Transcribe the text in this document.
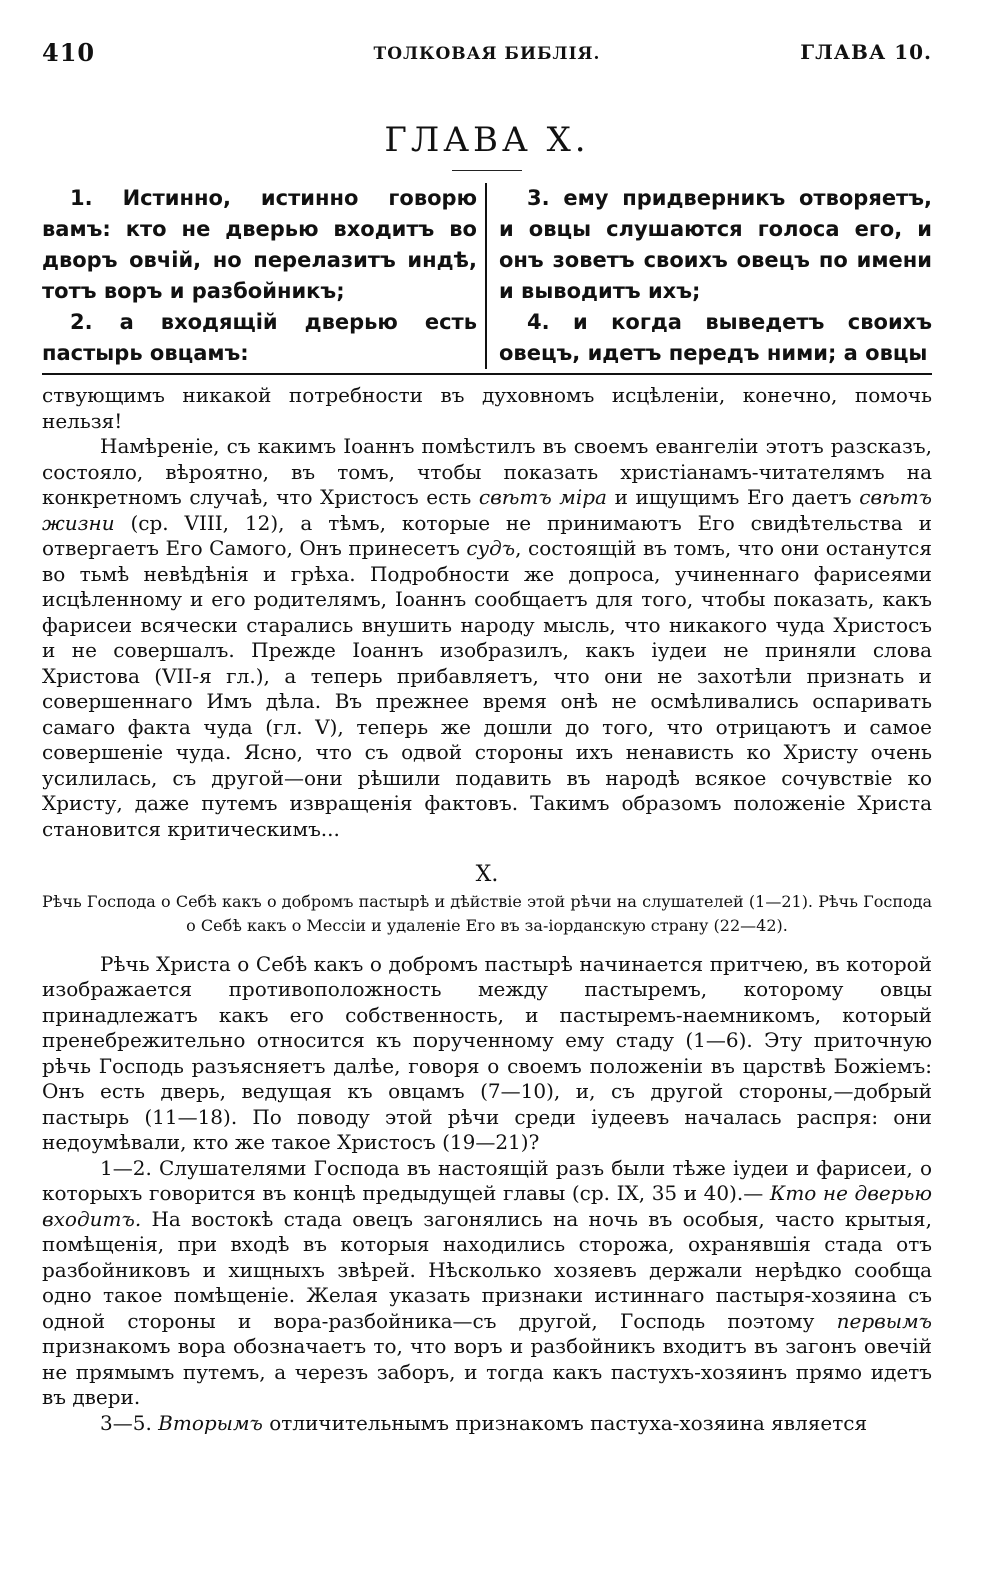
410	ТОЛКОВАЯ БИБЛІЯ.	ГЛАВА 10.
ГЛАВА X.

1. Истинно, истинно говорю вамъ: кто не дверью входитъ во дворъ овчій, но перелазитъ индѣ, тотъ воръ и разбойникъ;

2. а входящій дверью есть пастырь овцамъ:

3. ему придверникъ отворяетъ, и овцы слушаются голоса его, и онъ зоветъ своихъ овецъ по имени и выводитъ ихъ;

4. и когда выведетъ своихъ овецъ, идетъ передъ ними; а овцы

ствующимъ никакой потребности въ духовномъ исцѣленіи, конечно, помочь нельзя!

Намѣреніе, съ какимъ Іоаннъ помѣстилъ въ своемъ евангеліи этотъ разсказъ, состояло, вѣроятно, въ томъ, чтобы показать христіанамъ-читателямъ на конкретномъ случаѣ, что Христосъ есть свѣтъ міра и ищущимъ Его даетъ свѣтъ жизни (ср. VIII, 12), а тѣмъ, которые не принимаютъ Его свидѣтельства и отвергаетъ Его Самого, Онъ принесетъ судъ, состоящій въ томъ, что они останутся во тьмѣ невѣдѣнія и грѣха. Подробности же допроса, учиненнаго фарисеями исцѣленному и его родителямъ, Іоаннъ сообщаетъ для того, чтобы показать, какъ фарисеи всячески старались внушить народу мысль, что никакого чуда Христосъ и не совершалъ. Прежде Іоаннъ изобразилъ, какъ іудеи не приняли слова Христова (VII-я гл.), а теперь прибавляетъ, что они не захотѣли признать и совершеннаго Имъ дѣла. Въ прежнее время онѣ не осмѣливались оспаривать самаго факта чуда (гл. V), теперь же дошли до того, что отрицаютъ и самое совершеніе чуда. Ясно, что съ одвой стороны ихъ ненависть ко Христу очень усилилась, съ другой—они рѣшили подавить въ народѣ всякое сочувствіе ко Христу, даже путемъ извращенія фактовъ. Такимъ образомъ положеніе Христа становится критическимъ...

X.
Рѣчь Господа о Себѣ какъ о добромъ пастырѣ и дѣйствіе этой рѣчи на слушателей (1—21). Рѣчь Господа о Себѣ какъ о Мессіи и удаленіе Его въ за-іорданскую страну (22—42).

Рѣчь Христа о Себѣ какъ о добромъ пастырѣ начинается притчею, въ которой изображается противоположность между пастыремъ, которому овцы принадлежатъ какъ его собственность, и пастыремъ-наемникомъ, который пренебрежительно относится къ порученному ему стаду (1—6). Эту приточную рѣчь Господь разъясняетъ далѣе, говоря о своемъ положеніи въ царствѣ Божіемъ: Онъ есть дверь, ведущая къ овцамъ (7—10), и, съ другой стороны,—добрый пастырь (11—18). По поводу этой рѣчи среди іудеевъ началась распря: они недоумѣвали, кто же такое Христосъ (19—21)?

1—2. Слушателями Господа въ настоящій разъ были тѣже іудеи и фарисеи, о которыхъ говорится въ концѣ предыдущей главы (ср. IX, 35 и 40).— Кто не дверью входитъ. На востокѣ стада овецъ загонялись на ночь въ особыя, часто крытыя, помѣщенія, при входѣ въ которыя находились сторожа, охранявшія стада отъ разбойниковъ и хищныхъ звѣрей. Нѣсколько хозяевъ держали нерѣдко сообща одно такое помѣщеніе. Желая указать признаки истиннаго пастыря-хозяина съ одной стороны и вора-разбойника—съ другой, Господь поэтому первымъ признакомъ вора обозначаетъ то, что воръ и разбойникъ входитъ въ загонъ овечій не прямымъ путемъ, а черезъ заборъ, и тогда какъ пастухъ-хозяинъ прямо идетъ въ двери.

3—5. Вторымъ отличительнымъ признакомъ пастуха-хозяина является
